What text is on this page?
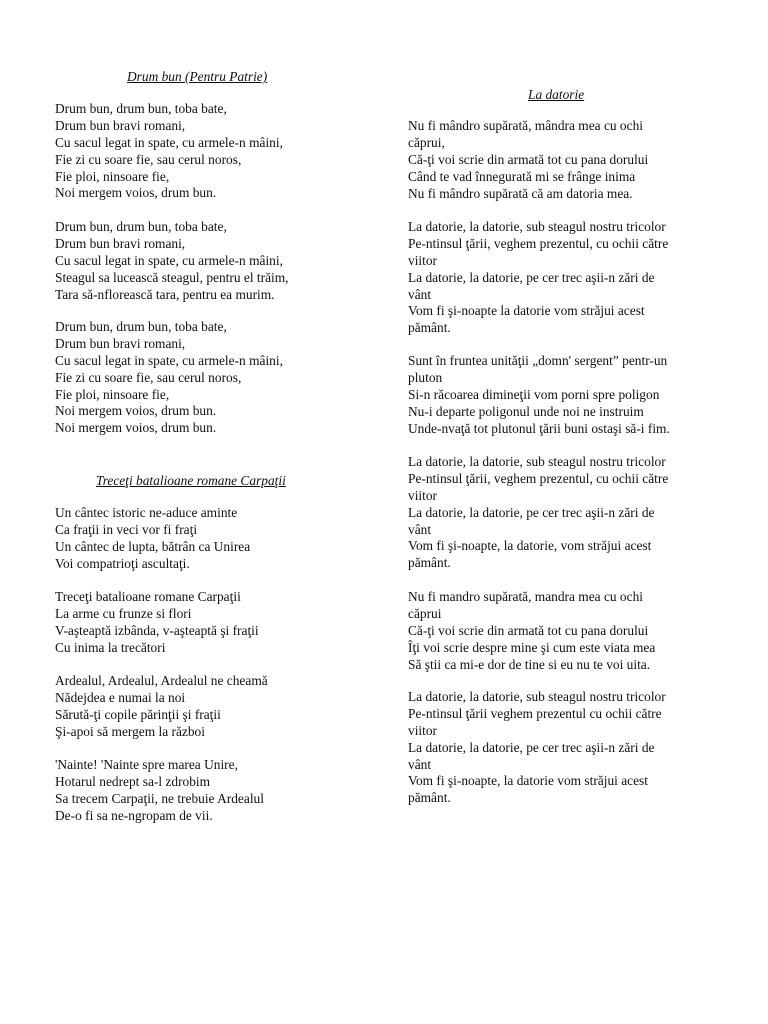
Drum bun (Pentru Patrie)
Drum bun, drum bun, toba bate,
Drum bun bravi romani,
Cu sacul legat in spate, cu armele-n mâini,
Fie zi cu soare fie, sau cerul noros,
Fie ploi, ninsoare fie,
Noi mergem voios, drum bun.
Drum bun, drum bun, toba bate,
Drum bun bravi romani,
Cu sacul legat in spate, cu armele-n mâini,
Steagul sa lucească steagul, pentru el trăim,
Tara să-nflorească tara, pentru ea murim.
Drum bun, drum bun, toba bate,
Drum bun bravi romani,
Cu sacul legat in spate, cu armele-n mâini,
Fie zi cu soare fie, sau cerul noros,
Fie ploi, ninsoare fie,
Noi mergem voios, drum bun.
Noi mergem voios, drum bun.
Treceţi batalioane romane Carpaţii
Un cântec istoric ne-aduce aminte
Ca fraţii in veci vor fi fraţi
Un cântec de lupta, bătrân ca Unirea
Voi compatrioţi ascultaţi.
Treceţi batalioane romane Carpaţii
La arme cu frunze si flori
V-aşteaptă izbânda, v-aşteaptă şi fraţii
Cu inima la trecători
Ardealul, Ardealul, Ardealul ne cheamă
Nădejdea e numai la noi
Sărută-ţi copile părinţii şi fraţii
Şi-apoi să mergem la război
'Nainte! 'Nainte spre marea Unire,
Hotarul nedrept sa-l zdrobim
Sa trecem Carpaţii, ne trebuie Ardealul
De-o fi sa ne-ngropam de vii.
La datorie
Nu fi mândro supărată, mândra mea cu ochi
căprui,
Că-ţi voi scrie din armată tot cu pana dorului
Când te vad înnegurată mi se frânge inima
Nu fi mândro supărată că am datoria mea.
La datorie, la datorie, sub steagul nostru tricolor
Pe-ntinsul ţării, veghem prezentul, cu ochii către
viitor
La datorie, la datorie, pe cer trec aşii-n zări de
vânt
Vom fi şi-noapte la datorie vom străjui acest
pământ.
Sunt în fruntea unităţii „domn' sergent” pentr-un
pluton
Si-n răcoarea dimineţii vom porni spre poligon
Nu-i departe poligonul unde noi ne instruim
Unde-nvaţă tot plutonul ţării buni ostaşi să-i fim.
La datorie, la datorie, sub steagul nostru tricolor
Pe-ntinsul ţării, veghem prezentul, cu ochii către
viitor
La datorie, la datorie, pe cer trec aşii-n zări de
vânt
Vom fi şi-noapte, la datorie, vom străjui acest
pământ.
Nu fi mandro supărată, mandra mea cu ochi
căprui
Că-ţi voi scrie din armată tot cu pana dorului
Îţi voi scrie despre mine şi cum este viata mea
Să ştii ca mi-e dor de tine si eu nu te voi uita.
La datorie, la datorie, sub steagul nostru tricolor
Pe-ntinsul ţării veghem prezentul cu ochii către
viitor
La datorie, la datorie, pe cer trec aşii-n zări de
vânt
Vom fi şi-noapte, la datorie vom străjui acest
pământ.
